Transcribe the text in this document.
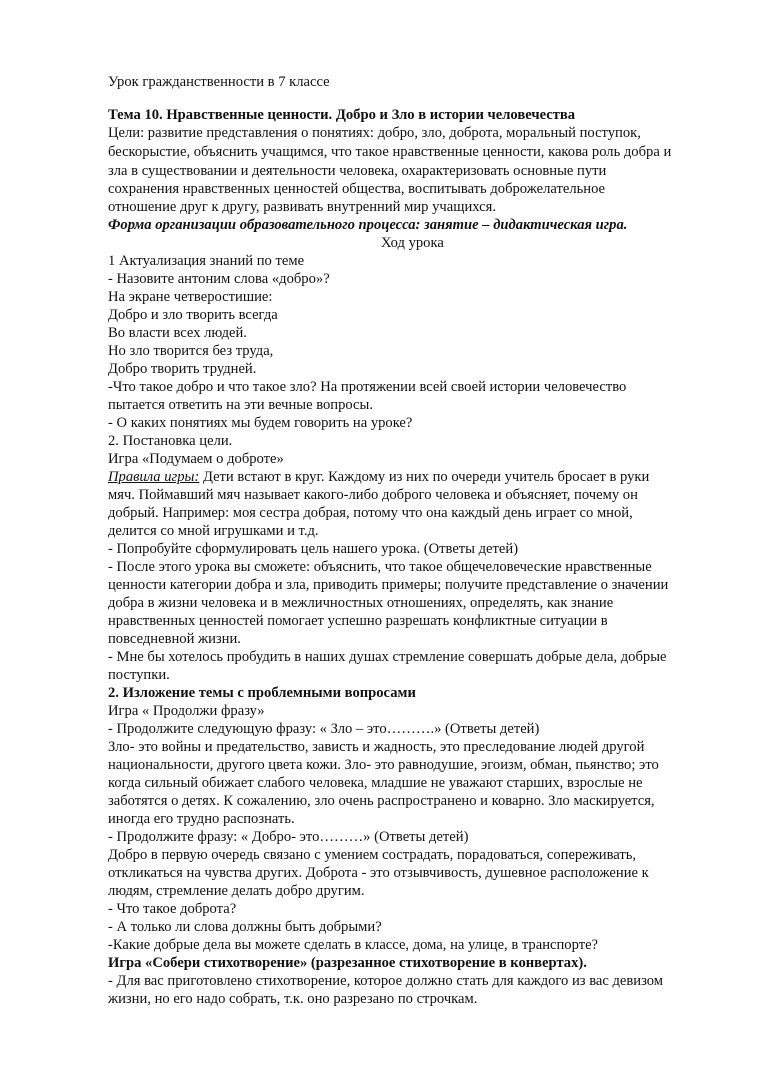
Урок гражданственности в 7 классе

Тема 10. Нравственные ценности. Добро и Зло в истории человечества

Цели: развитие представления о понятиях: добро, зло, доброта, моральный поступок,

бескорыстие, объяснить учащимся, что такое нравственные ценности, какова роль добра и

зла в существовании и деятельности человека, охарактеризовать основные пути

сохранения нравственных ценностей общества, воспитывать доброжелательное

отношение друг к другу, развивать внутренний мир учащихся.

Форма организации образовательного процесса: занятие – дидактическая игра.

Ход урока

1 Актуализация знаний по теме

- Назовите антоним слова «добро»?

На экране четверостишие:

Добро и зло творить всегда

Во власти всех людей.

Но зло творится без труда,

Добро творить трудней.

-Что такое добро и что такое зло? На протяжении всей своей истории человечество

пытается ответить на эти вечные вопросы.

- О каких понятиях мы будем говорить на уроке?

2. Постановка цели.

Игра «Подумаем о доброте»

Правила игры: Дети встают в круг. Каждому из них по очереди учитель бросает в руки

мяч. Поймавший мяч называет какого-либо доброго человека и объясняет, почему он

добрый. Например: моя сестра добрая, потому что она каждый день играет со мной,

делится со мной игрушками и т.д.

- Попробуйте сформулировать цель нашего урока. (Ответы детей)

- После этого урока вы сможете: объяснить, что такое общечеловеческие нравственные

ценности категории добра и зла, приводить примеры; получите представление о значении

добра в жизни человека и в межличностных отношениях, определять, как знание

нравственных ценностей помогает успешно разрешать конфликтные ситуации в

повседневной жизни.

- Мне бы хотелось пробудить в наших душах стремление совершать добрые дела, добрые

поступки.

2. Изложение темы с проблемными вопросами

Игра « Продолжи фразу»

- Продолжите следующую фразу: « Зло – это……….» (Ответы детей)

Зло- это войны и предательство, зависть и жадность, это преследование людей другой

национальности, другого цвета кожи. Зло- это равнодушие, эгоизм, обман, пьянство; это

когда сильный обижает слабого человека, младшие не уважают старших, взрослые не

заботятся о детях. К сожалению, зло очень распространено и коварно. Зло маскируется,

иногда его трудно распознать.

- Продолжите фразу: « Добро- это………» (Ответы детей)

Добро в первую очередь связано с умением сострадать, порадоваться, сопереживать,

откликаться на чувства других. Доброта - это отзывчивость, душевное расположение к

людям, стремление делать добро другим.

- Что такое доброта?

- А только ли слова должны быть добрыми?

-Какие добрые дела вы можете сделать в классе, дома, на улице, в транспорте?

Игра «Собери стихотворение» (разрезанное стихотворение в конвертах).

- Для вас приготовлено стихотворение, которое должно стать для каждого из вас девизом

жизни, но его надо собрать, т.к. оно разрезано по строчкам.
